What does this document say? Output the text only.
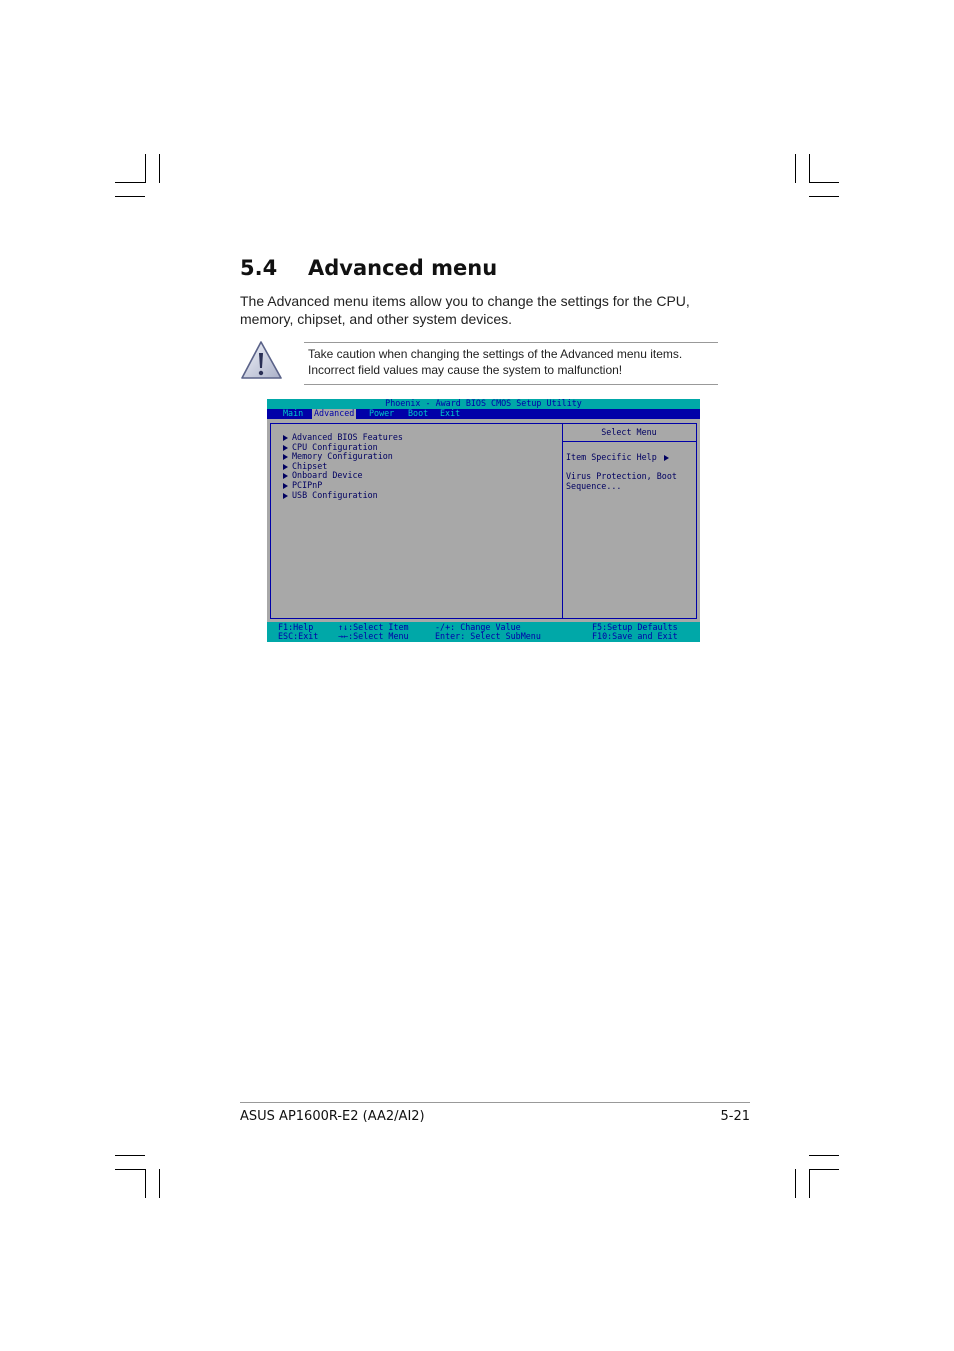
5.4 Advanced menu

The Advanced menu items allow you to change the settings for the CPU, memory, chipset, and other system devices.

Take caution when changing the settings of the Advanced menu items.
Incorrect field values may cause the system to malfunction!

Phoenix - Award BIOS CMOS Setup Utility
Main Advanced Power Boot Exit
Advanced BIOS Features
CPU Configuration
Memory Configuration
Chipset
Onboard Device
PCIPnP
USB Configuration
Select Menu
Item Specific Help
Virus Protection, Boot
Sequence...
F1:Help
ESC:Exit
↑↓:Select Item
→←:Select Menu
-/+: Change Value
Enter: Select SubMenu
F5:Setup Defaults
F10:Save and Exit
ASUS AP1600R-E2 (AA2/AI2)	5-21
